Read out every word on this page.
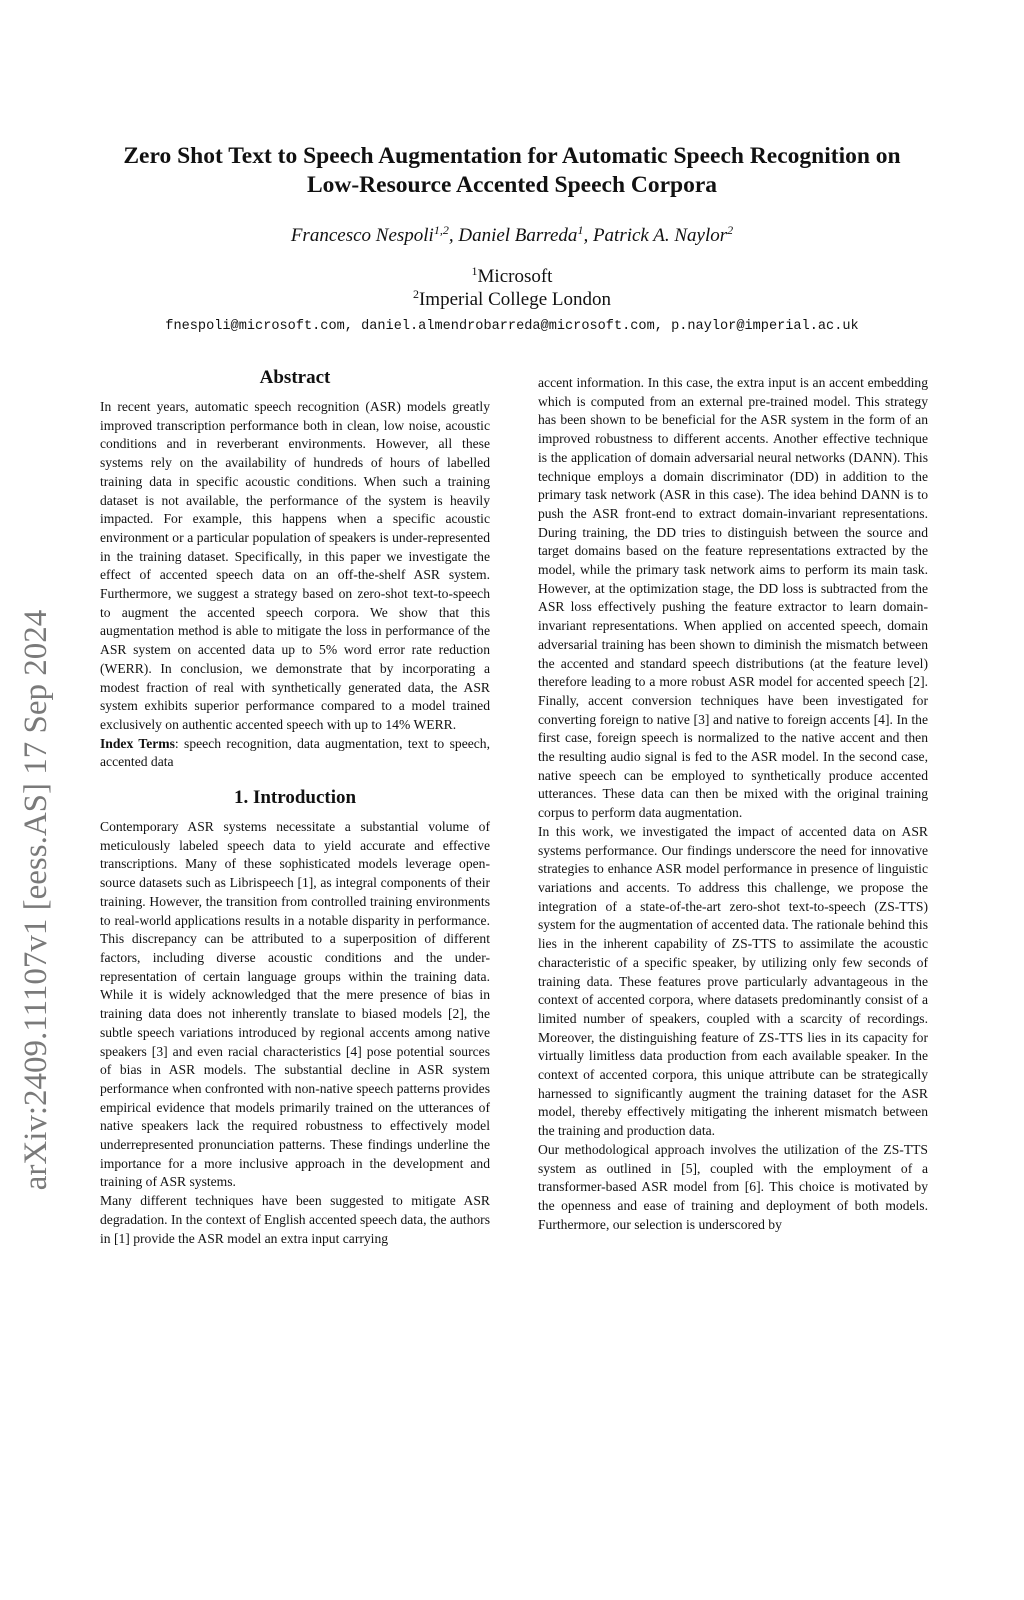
arXiv:2409.11107v1 [eess.AS] 17 Sep 2024
Zero Shot Text to Speech Augmentation for Automatic Speech Recognition on
Low-Resource Accented Speech Corpora
Francesco Nespoli$^{1,2}$, Daniel Barreda$^1$, Patrick A. Naylor$^2$
$^1$Microsoft
$^2$Imperial College London
fnespoli@microsoft.com, daniel.almendrobarreda@microsoft.com, p.naylor@imperial.ac.uk
Abstract

In recent years, automatic speech recognition (ASR) models greatly improved transcription performance both in clean, low noise, acoustic conditions and in reverberant environments. However, all these systems rely on the availability of hundreds of hours of labelled training data in specific acoustic conditions. When such a training dataset is not available, the performance of the system is heavily impacted. For example, this happens when a specific acoustic environment or a particular population of speakers is under-represented in the training dataset. Specifically, in this paper we investigate the effect of accented speech data on an off-the-shelf ASR system. Furthermore, we suggest a strategy based on zero-shot text-to-speech to augment the accented speech corpora. We show that this augmentation method is able to mitigate the loss in performance of the ASR system on accented data up to 5% word error rate reduction (WERR). In conclusion, we demonstrate that by incorporating a modest fraction of real with synthetically generated data, the ASR system exhibits superior performance compared to a model trained exclusively on authentic accented speech with up to 14% WERR.

Index Terms: speech recognition, data augmentation, text to speech, accented data

1. Introduction

Contemporary ASR systems necessitate a substantial volume of meticulously labeled speech data to yield accurate and effective transcriptions. Many of these sophisticated models leverage open-source datasets such as Librispeech [1], as integral components of their training. However, the transition from controlled training environments to real-world applications results in a notable disparity in performance. This discrepancy can be attributed to a superposition of different factors, including diverse acoustic conditions and the under-representation of certain language groups within the training data. While it is widely acknowledged that the mere presence of bias in training data does not inherently translate to biased models [2], the subtle speech variations introduced by regional accents among native speakers [3] and even racial characteristics [4] pose potential sources of bias in ASR models. The substantial decline in ASR system performance when confronted with non-native speech patterns provides empirical evidence that models primarily trained on the utterances of native speakers lack the required robustness to effectively model underrepresented pronunciation patterns. These findings underline the importance for a more inclusive approach in the development and training of ASR systems.

Many different techniques have been suggested to mitigate ASR degradation. In the context of English accented speech data, the authors in [1] provide the ASR model an extra input carrying

accent information. In this case, the extra input is an accent embedding which is computed from an external pre-trained model. This strategy has been shown to be beneficial for the ASR system in the form of an improved robustness to different accents. Another effective technique is the application of domain adversarial neural networks (DANN). This technique employs a domain discriminator (DD) in addition to the primary task network (ASR in this case). The idea behind DANN is to push the ASR front-end to extract domain-invariant representations. During training, the DD tries to distinguish between the source and target domains based on the feature representations extracted by the model, while the primary task network aims to perform its main task. However, at the optimization stage, the DD loss is subtracted from the ASR loss effectively pushing the feature extractor to learn domain-invariant representations. When applied on accented speech, domain adversarial training has been shown to diminish the mismatch between the accented and standard speech distributions (at the feature level) therefore leading to a more robust ASR model for accented speech [2]. Finally, accent conversion techniques have been investigated for converting foreign to native [3] and native to foreign accents [4]. In the first case, foreign speech is normalized to the native accent and then the resulting audio signal is fed to the ASR model. In the second case, native speech can be employed to synthetically produce accented utterances. These data can then be mixed with the original training corpus to perform data augmentation.

In this work, we investigated the impact of accented data on ASR systems performance. Our findings underscore the need for innovative strategies to enhance ASR model performance in presence of linguistic variations and accents. To address this challenge, we propose the integration of a state-of-the-art zero-shot text-to-speech (ZS-TTS) system for the augmentation of accented data. The rationale behind this lies in the inherent capability of ZS-TTS to assimilate the acoustic characteristic of a specific speaker, by utilizing only few seconds of training data. These features prove particularly advantageous in the context of accented corpora, where datasets predominantly consist of a limited number of speakers, coupled with a scarcity of recordings. Moreover, the distinguishing feature of ZS-TTS lies in its capacity for virtually limitless data production from each available speaker. In the context of accented corpora, this unique attribute can be strategically harnessed to significantly augment the training dataset for the ASR model, thereby effectively mitigating the inherent mismatch between the training and production data.

Our methodological approach involves the utilization of the ZS-TTS system as outlined in [5], coupled with the employment of a transformer-based ASR model from [6]. This choice is motivated by the openness and ease of training and deployment of both models. Furthermore, our selection is underscored by
